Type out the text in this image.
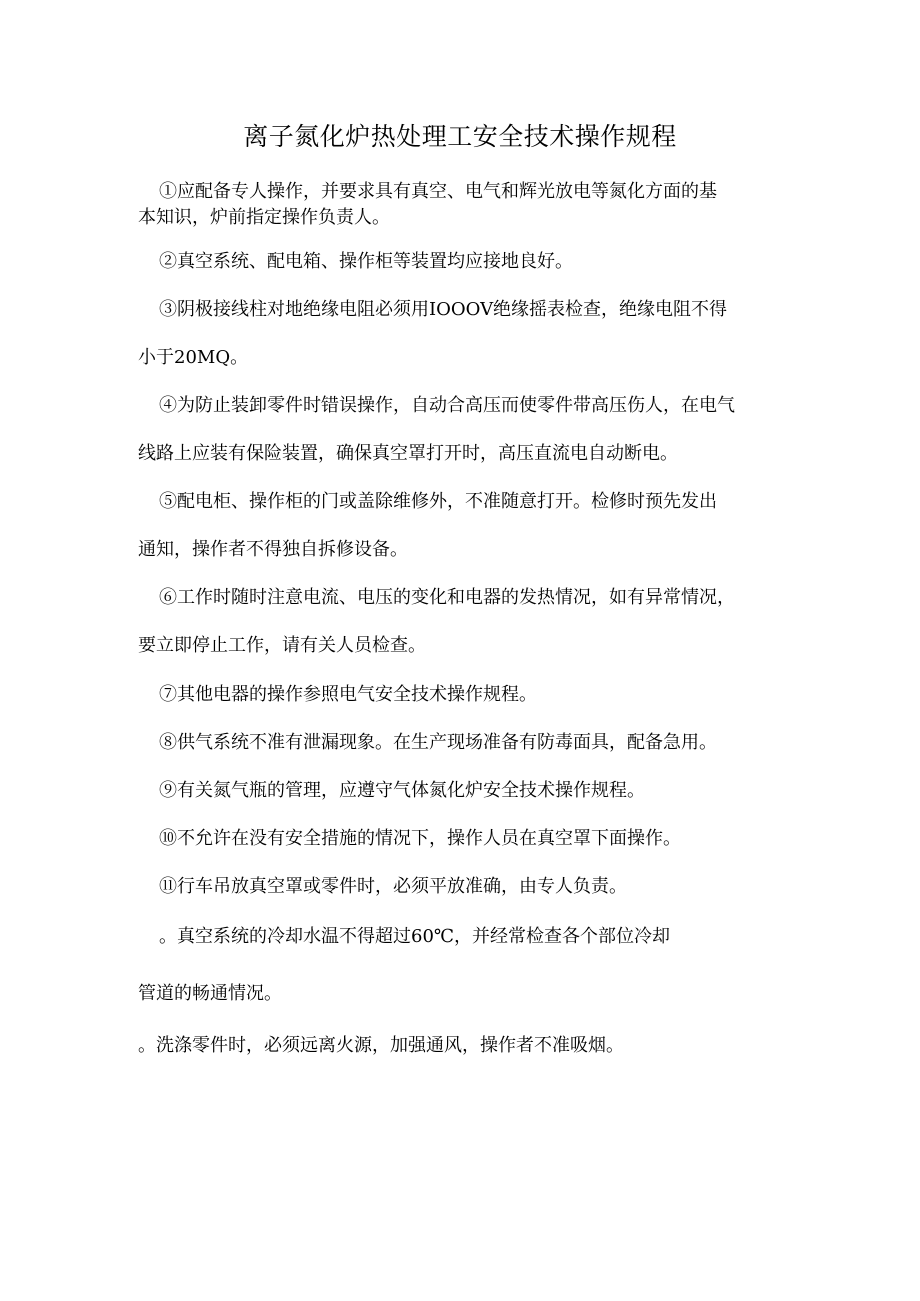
离子氮化炉热处理工安全技术操作规程
①应配备专人操作，并要求具有真空、电气和辉光放电等氮化方面的基
本知识，炉前指定操作负责人。
②真空系统、配电箱、操作柜等装置均应接地良好。
③阴极接线柱对地绝缘电阻必须用IOOOV绝缘摇表检查，绝缘电阻不得
小于20MQ。
④为防止装卸零件时错误操作，自动合高压而使零件带高压伤人，在电气
线路上应装有保险装置，确保真空罩打开时，高压直流电自动断电。
⑤配电柜、操作柜的门或盖除维修外，不准随意打开。检修时预先发出
通知，操作者不得独自拆修设备。
⑥工作时随时注意电流、电压的变化和电器的发热情况，如有异常情况，
要立即停止工作，请有关人员检查。
⑦其他电器的操作参照电气安全技术操作规程。
⑧供气系统不准有泄漏现象。在生产现场准备有防毒面具，配备急用。
⑨有关氮气瓶的管理，应遵守气体氮化炉安全技术操作规程。
⑩不允许在没有安全措施的情况下，操作人员在真空罩下面操作。
⑪行车吊放真空罩或零件时，必须平放准确，由专人负责。
。真空系统的冷却水温不得超过60℃，并经常检查各个部位冷却
管道的畅通情况。
。洗涤零件时，必须远离火源，加强通风，操作者不准吸烟。
